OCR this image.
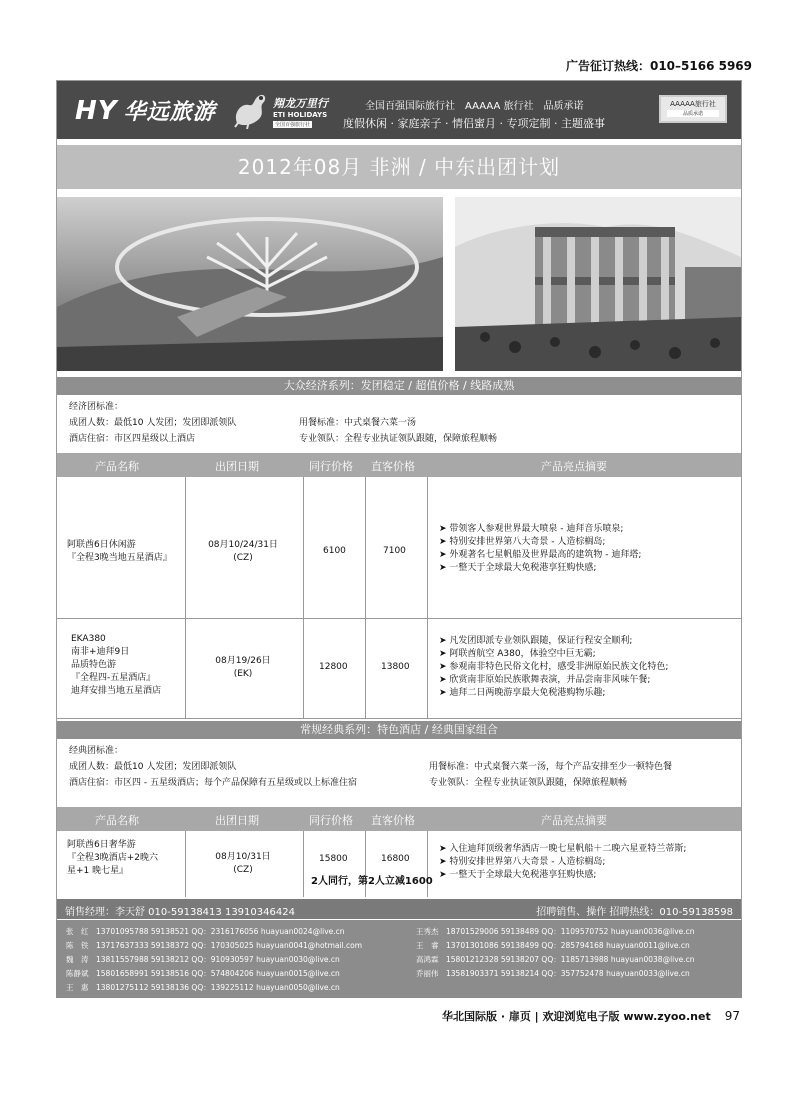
广告征订热线：010–5166 5969
HY 华远旅游	翔龙万里行
ETI HOLIDAYS
全国百强旅行社
全国百强国际旅行社　AAAAA 旅行社　品质承诺
度假休闲 · 家庭亲子 · 情侣蜜月 · 专项定制 · 主题盛事
AAAAA旅行社
品质承诺
2012年08月 非洲 / 中东出团计划
大众经济系列：发团稳定 / 超值价格 / 线路成熟
经济团标准：
成团人数：最低10 人发团；发团即派领队
酒店住宿：市区四星级以上酒店
用餐标准：中式桌餐六菜一汤
专业领队：全程专业执证领队跟随，保障旅程顺畅
产品名称	出团日期	同行价格 直客价格	产品亮点摘要
阿联酋6日休闲游
『全程3晚当地五星酒店』
08月10/24/31日
(CZ)
6100	7100
➤ 带领客人参观世界最大喷泉 - 迪拜音乐喷泉;
➤ 特别安排世界第八大奇景 - 人造棕榈岛;
➤ 外观著名七星帆船及世界最高的建筑物 - 迪拜塔;
➤ 一整天于全球最大免税港享狂购快感;
EKA380
南非+迪拜9日
品质特色游
『全程四-五星酒店』
迪拜安排当地五星酒店
08月19/26日
(EK)
12800	13800
➤ 凡发团即派专业领队跟随，保证行程安全顺利;
➤ 阿联酋航空 A380，体验空中巨无霸;
➤ 参观南非特色民俗文化村，感受非洲原始民族文化特色;
➤ 欣赏南非原始民族歌舞表演，并品尝南非风味午餐;
➤ 迪拜二日两晚游享最大免税港购物乐趣;
常规经典系列：特色酒店 / 经典国家组合
经典团标准：
成团人数：最低10 人发团；发团即派领队
酒店住宿：市区四 - 五星级酒店；每个产品保障有五星级或以上标准住宿
用餐标准：中式桌餐六菜一汤，每个产品安排至少一顿特色餐
专业领队：全程专业执证领队跟随，保障旅程顺畅
产品名称	出团日期	同行价格 直客价格	产品亮点摘要
阿联酋6日奢华游
『全程3晚酒店+2晚六
星+1 晚七星』
08月10/31日
(CZ)
15800	16800
2人同行，第2人立减1600
➤ 入住迪拜顶级奢华酒店一晚七星帆船＋二晚六星亚特兰蒂斯;
➤ 特别安排世界第八大奇景 - 人造棕榈岛;
➤ 一整天于全球最大免税港享狂购快感;
销售经理：李天舒 010-59138413 13910346424	招聘销售、操作 招聘热线：010-59138598
张　红　13701095788 59138521 QQ：2316176056 huayuan0024@live.cn
陈　铁　13717637333 59138372 QQ：170305025 huayuan0041@hotmail.com
魏　涛　13811557988 59138212 QQ：910930597 huayuan0030@live.cn
陈静斌　15801658991 59138516 QQ：574804206 huayuan0015@live.cn
王　惠　13801275112 59138136 QQ：139225112 huayuan0050@live.cn
王秀杰　18701529006 59138489 QQ：1109570752 huayuan0036@live.cn
王　睿　13701301086 59138499 QQ：285794168 huayuan0011@live.cn
高鸿霖　15801212328 59138207 QQ：1185713988 huayuan0038@live.cn
乔丽伟　13581903371 59138214 QQ：357752478 huayuan0033@live.cn
华北国际版 · 扉页 | 欢迎浏览电子版 www.zyoo.net 97
